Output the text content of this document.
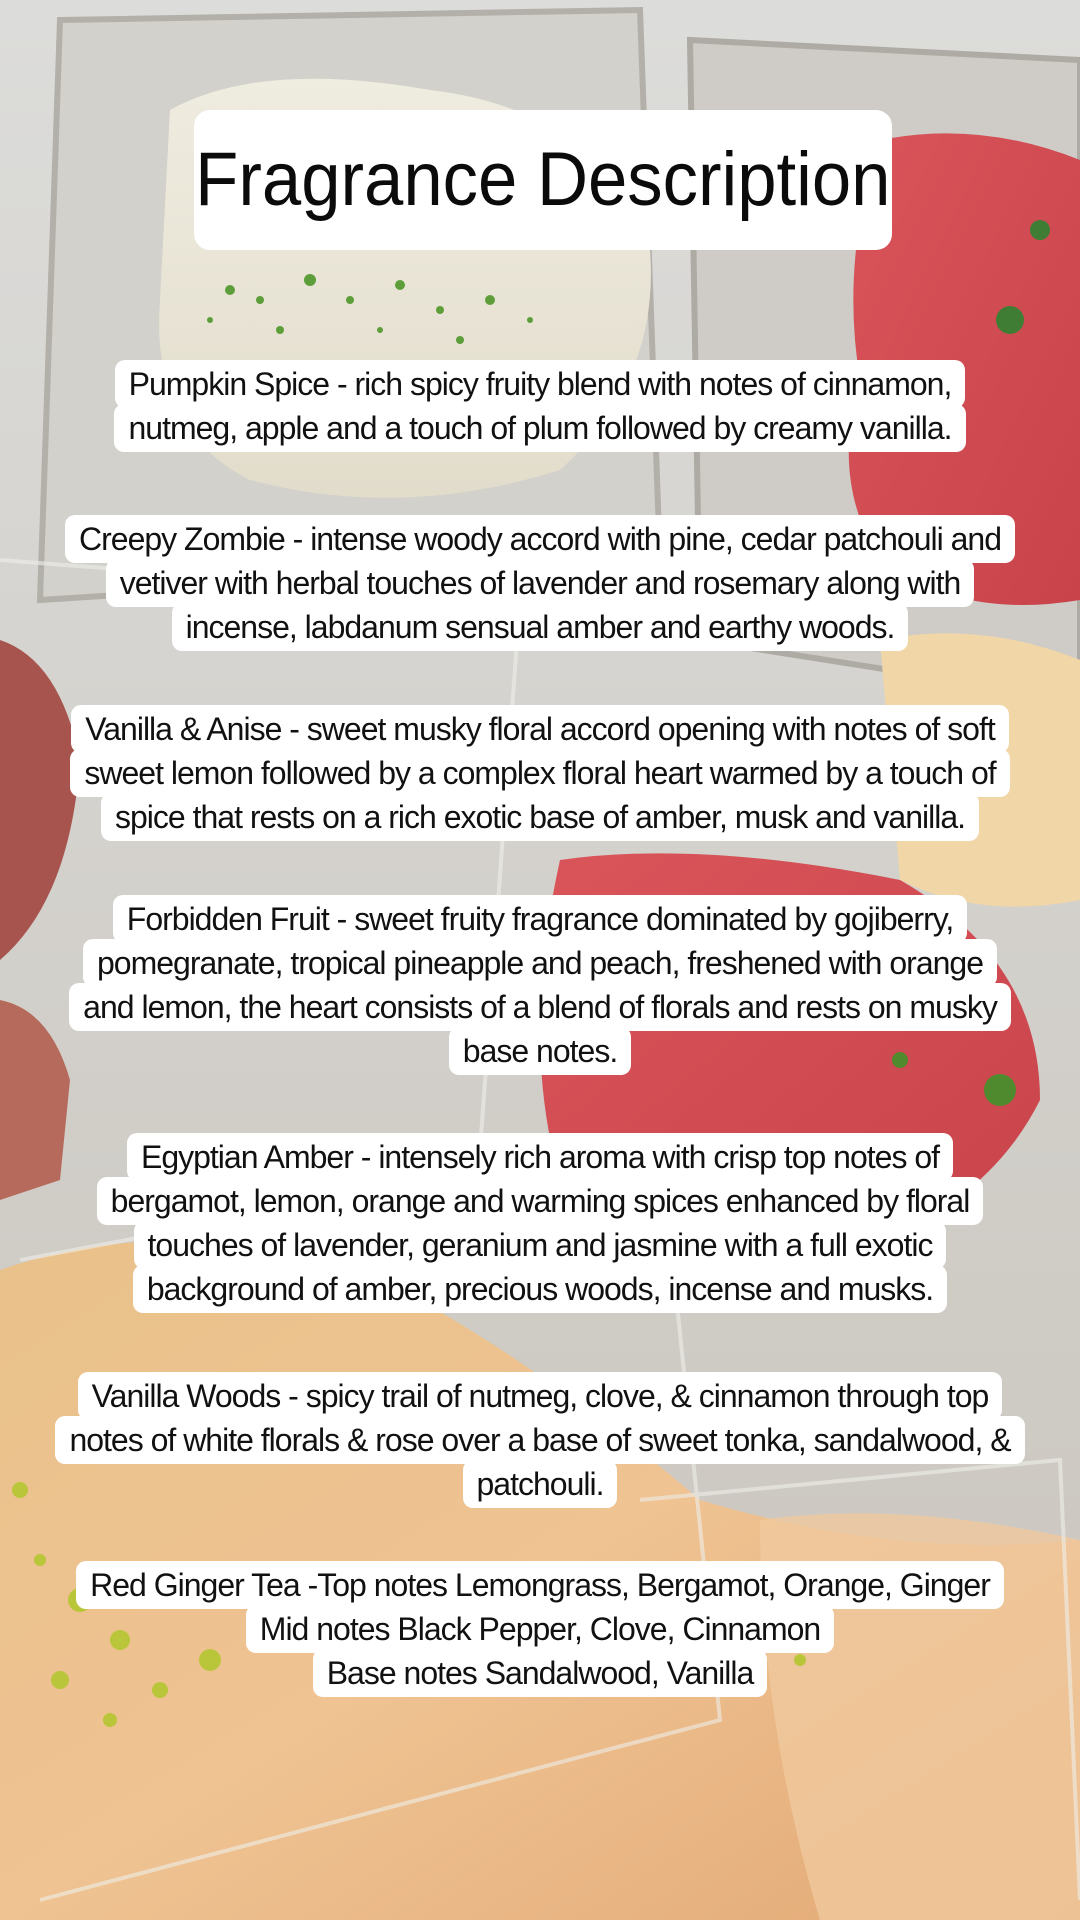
Fragrance Description
Pumpkin Spice - rich spicy fruity blend with notes of cinnamon,
nutmeg, apple and a touch of plum followed by creamy vanilla.
Creepy Zombie - intense woody accord with pine, cedar patchouli and
vetiver with herbal touches of lavender and rosemary along with
incense, labdanum sensual amber and earthy woods.
Vanilla & Anise - sweet musky floral accord opening with notes of soft
sweet lemon followed by a complex floral heart warmed by a touch of
spice that rests on a rich exotic base of amber, musk and vanilla.
Forbidden Fruit - sweet fruity fragrance dominated by gojiberry,
pomegranate, tropical pineapple and peach, freshened with orange
and lemon, the heart consists of a blend of florals and rests on musky
base notes.
Egyptian Amber - intensely rich aroma with crisp top notes of
bergamot, lemon, orange and warming spices enhanced by floral
touches of lavender, geranium and jasmine with a full exotic
background of amber, precious woods, incense and musks.
Vanilla Woods - spicy trail of nutmeg, clove, & cinnamon through top
notes of white florals & rose over a base of sweet tonka, sandalwood, &
patchouli.
Red Ginger Tea -Top notes Lemongrass, Bergamot, Orange, Ginger
Mid notes Black Pepper, Clove, Cinnamon
Base notes Sandalwood, Vanilla
